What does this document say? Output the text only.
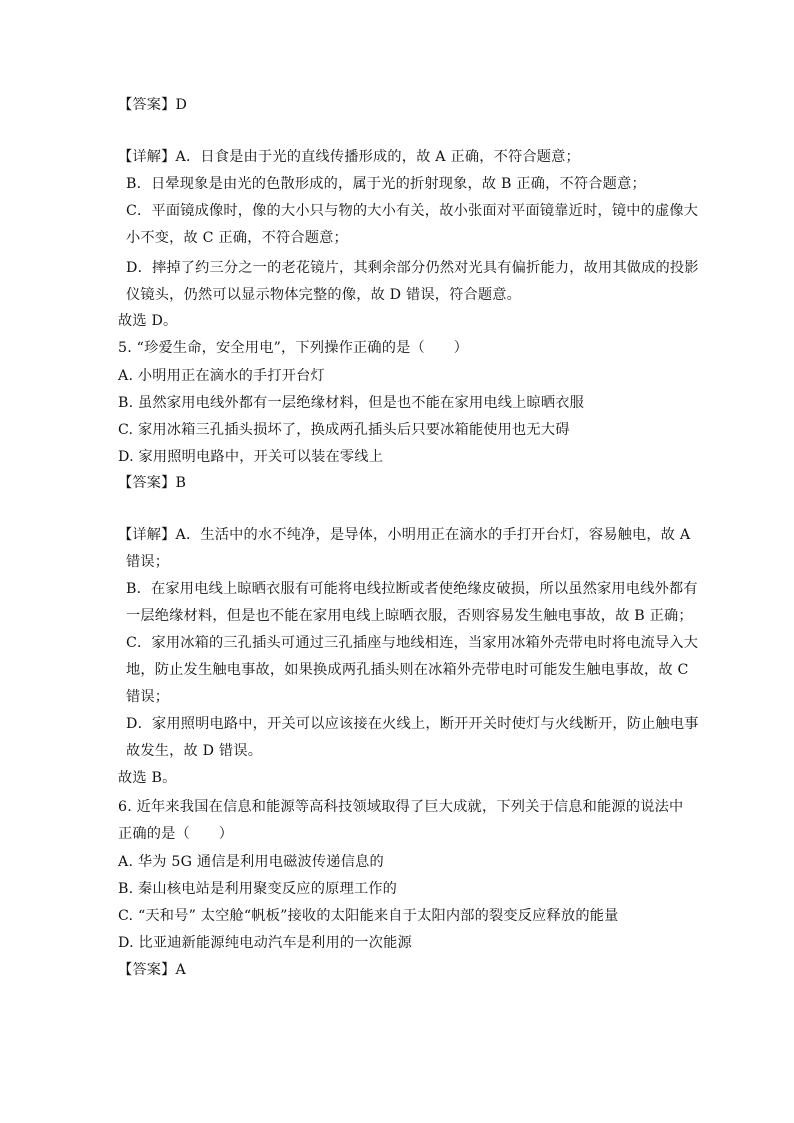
【答案】D
【详解】A．日食是由于光的直线传播形成的，故 A 正确，不符合题意；
B．日晕现象是由光的色散形成的，属于光的折射现象，故 B 正确，不符合题意；
C．平面镜成像时，像的大小只与物的大小有关，故小张面对平面镜靠近时，镜中的虚像大
小不变，故 C 正确，不符合题意；
D．摔掉了约三分之一的老花镜片，其剩余部分仍然对光具有偏折能力，故用其做成的投影
仪镜头，仍然可以显示物体完整的像，故 D 错误，符合题意。
故选 D。
5. “珍爱生命，安全用电”，下列操作正确的是（　　）
A. 小明用正在滴水的手打开台灯
B. 虽然家用电线外都有一层绝缘材料，但是也不能在家用电线上晾晒衣服
C. 家用冰箱三孔插头损坏了，换成两孔插头后只要冰箱能使用也无大碍
D. 家用照明电路中，开关可以装在零线上
【答案】B
【详解】A．生活中的水不纯净，是导体，小明用正在滴水的手打开台灯，容易触电，故 A
错误；
B．在家用电线上晾晒衣服有可能将电线拉断或者使绝缘皮破损，所以虽然家用电线外都有
一层绝缘材料，但是也不能在家用电线上晾晒衣服，否则容易发生触电事故，故 B 正确；
C．家用冰箱的三孔插头可通过三孔插座与地线相连，当家用冰箱外壳带电时将电流导入大
地，防止发生触电事故，如果换成两孔插头则在冰箱外壳带电时可能发生触电事故，故 C
错误；
D．家用照明电路中，开关可以应该接在火线上，断开开关时使灯与火线断开，防止触电事
故发生，故 D 错误。
故选 B。
6. 近年来我国在信息和能源等高科技领域取得了巨大成就，下列关于信息和能源的说法中
正确的是（　　）
A. 华为 5G 通信是利用电磁波传递信息的
B. 秦山核电站是利用聚变反应的原理工作的
C. “天和号” 太空舱“帆板”接收的太阳能来自于太阳内部的裂变反应释放的能量
D. 比亚迪新能源纯电动汽车是利用的一次能源
【答案】A
